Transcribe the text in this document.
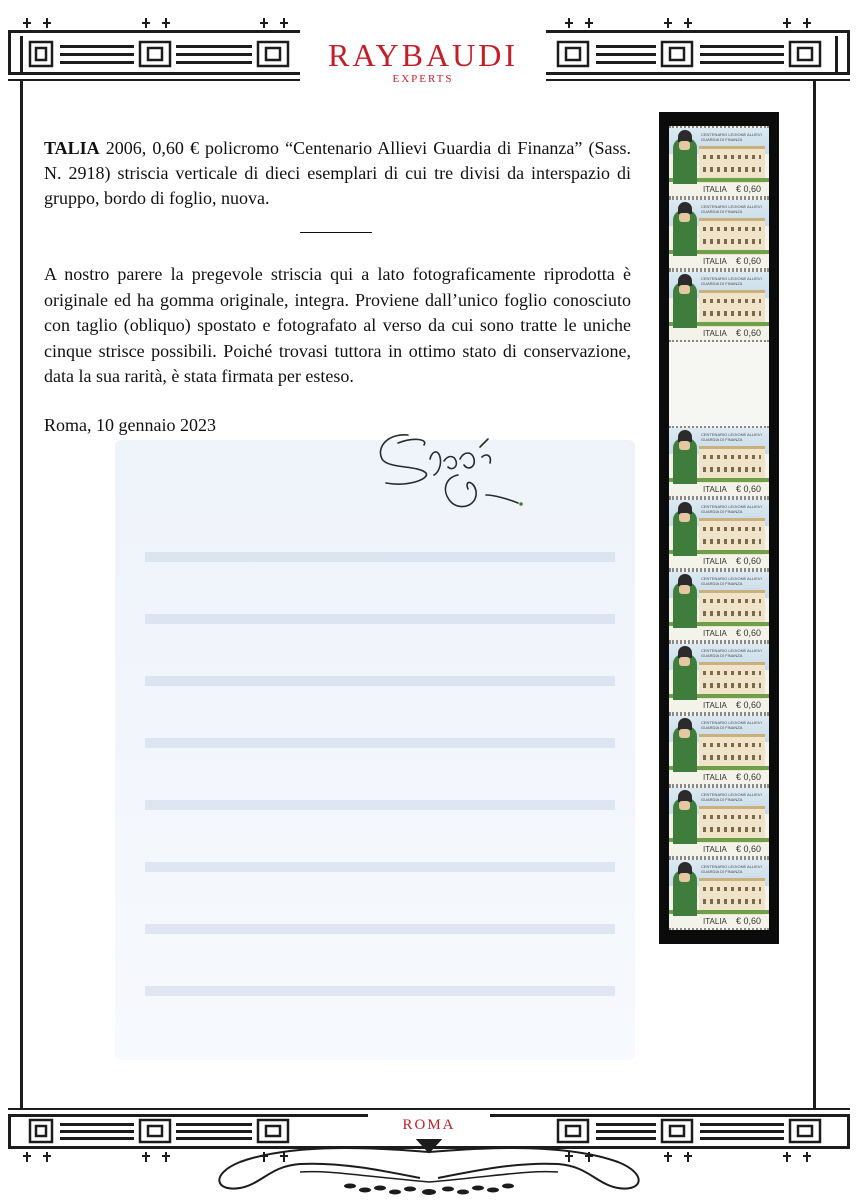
RAYBAUDI
EXPERTS

TALIA 2006, 0,60 € policromo “Centenario Allievi Guardia di Finanza” (Sass. N. 2918) striscia verticale di dieci esemplari di cui tre divisi da interspazio di gruppo, bordo di foglio, nuova.

A nostro parere la pregevole striscia qui a lato fotograficamente riprodotta è originale ed ha gomma originale, integra. Proviene dall’unico foglio conosciuto con taglio (obliquo) spostato e fotografato al verso da cui sono tratte le uniche cinque strisce possibili. Poiché trovasi tuttora in ottimo stato di conservazione, data la sua rarità, è stata firmata per esteso.

Roma, 10 gennaio 2023

CENTENARIO LEGIONE ALLIEVI GUARDIA DI FINANZA
ITALIA € 0,60
CENTENARIO LEGIONE ALLIEVI GUARDIA DI FINANZA
ITALIA € 0,60
CENTENARIO LEGIONE ALLIEVI GUARDIA DI FINANZA
ITALIA € 0,60
CENTENARIO LEGIONE ALLIEVI GUARDIA DI FINANZA
ITALIA € 0,60
CENTENARIO LEGIONE ALLIEVI GUARDIA DI FINANZA
ITALIA € 0,60
CENTENARIO LEGIONE ALLIEVI GUARDIA DI FINANZA
ITALIA € 0,60
CENTENARIO LEGIONE ALLIEVI GUARDIA DI FINANZA
ITALIA € 0,60
CENTENARIO LEGIONE ALLIEVI GUARDIA DI FINANZA
ITALIA € 0,60
CENTENARIO LEGIONE ALLIEVI GUARDIA DI FINANZA
ITALIA € 0,60
CENTENARIO LEGIONE ALLIEVI GUARDIA DI FINANZA
ITALIA € 0,60
ROMA
